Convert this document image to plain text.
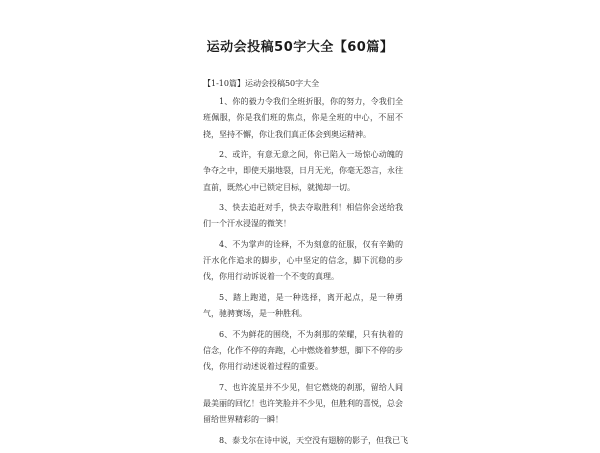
运动会投稿50字大全【60篇】
【1-10篇】运动会投稿50字大全

1、你的毅力令我们全班折服，你的努力，令我们全班佩服，你是我们班的焦点，你是全班的中心，不屈不挠，坚持不懈，你让我们真正体会到奥运精神。

2、或许，有意无意之间，你已陷入一场惊心动魄的争夺之中，即使天崩地裂，日月无光，你毫无怨言，永往直前，既然心中已锁定目标，就抛却一切。

3、快去追赶对手，快去夺取胜利！相信你会送给我们一个汗水浸湿的微笑！

4、不为掌声的诠释，不为刻意的征服，仅有辛勤的汗水化作追求的脚步，心中坚定的信念，脚下沉稳的步伐，你用行动诉说着一个不变的真理。

5、踏上跑道，是一种选择，离开起点，是一种勇气，驰骋赛场，是一种胜利。

6、不为鲜花的围绕，不为刹那的荣耀，只有执着的信念，化作不停的奔跑，心中燃烧着梦想，脚下不停的步伐，你用行动述说着过程的重要。

7、也许流星并不少见，但它燃烧的刹那，留给人间最美丽的回忆！也许笑脸并不少见，但胜利的喜悦，总会留给世界精彩的一瞬！

8、泰戈尔在诗中说，天空没有翅膀的影子，但我已飞
